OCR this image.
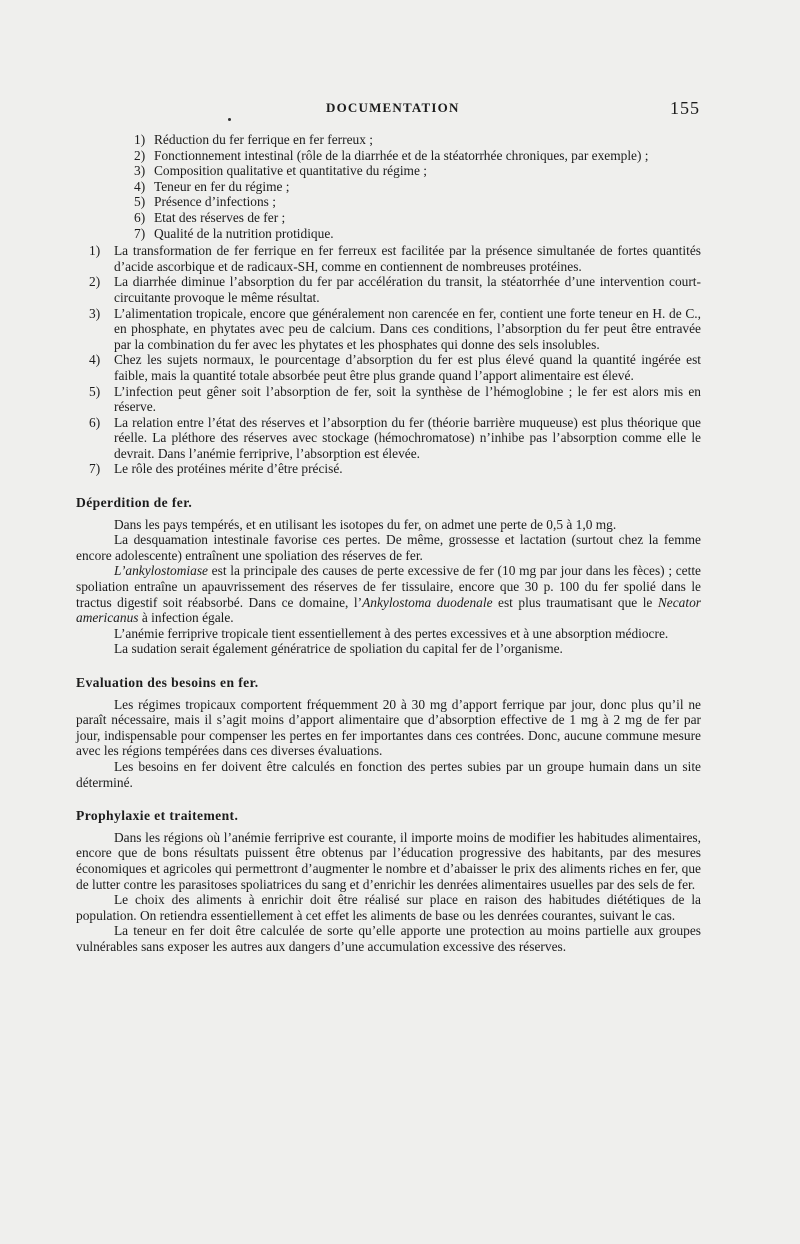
DOCUMENTATION	155
1) Réduction du fer ferrique en fer ferreux ;
2) Fonctionnement intestinal (rôle de la diarrhée et de la stéatorrhée chroniques, par exemple) ;
3) Composition qualitative et quantitative du régime ;
4) Teneur en fer du régime ;
5) Présence d’infections ;
6) Etat des réserves de fer ;
7) Qualité de la nutrition protidique.
1) La transformation de fer ferrique en fer ferreux est facilitée par la présence simultanée de fortes quantités d’acide ascorbique et de radicaux-SH, comme en contiennent de nombreuses protéines.
2) La diarrhée diminue l’absorption du fer par accélération du transit, la stéatorrhée d’une intervention court-circuitante provoque le même résultat.
3) L’alimentation tropicale, encore que généralement non carencée en fer, contient une forte teneur en H. de C., en phosphate, en phytates avec peu de calcium. Dans ces conditions, l’absorption du fer peut être entravée par la combination du fer avec les phytates et les phosphates qui donne des sels insolubles.
4) Chez les sujets normaux, le pourcentage d’absorption du fer est plus élevé quand la quantité ingérée est faible, mais la quantité totale absorbée peut être plus grande quand l’apport alimentaire est élevé.
5) L’infection peut gêner soit l’absorption de fer, soit la synthèse de l’hémoglobine ; le fer est alors mis en réserve.
6) La relation entre l’état des réserves et l’absorption du fer (théorie barrière muqueuse) est plus théorique que réelle. La pléthore des réserves avec stockage (hémochromatose) n’inhibe pas l’absorption comme elle le devrait. Dans l’anémie ferriprive, l’absorption est élevée.
7) Le rôle des protéines mérite d’être précisé.
Déperdition de fer.

Dans les pays tempérés, et en utilisant les isotopes du fer, on admet une perte de 0,5 à 1,0 mg.

La desquamation intestinale favorise ces pertes. De même, grossesse et lactation (surtout chez la femme encore adolescente) entraînent une spoliation des réserves de fer.

L’ankylostomiase est la principale des causes de perte excessive de fer (10 mg par jour dans les fèces) ; cette spoliation entraîne un apauvrissement des réserves de fer tissulaire, encore que 30 p. 100 du fer spolié dans le tractus digestif soit réabsorbé. Dans ce domaine, l’Ankylostoma duodenale est plus traumatisant que le Necator americanus à infection égale.

L’anémie ferriprive tropicale tient essentiellement à des pertes excessives et à une absorption médiocre.

La sudation serait également génératrice de spoliation du capital fer de l’organisme.

Evaluation des besoins en fer.

Les régimes tropicaux comportent fréquemment 20 à 30 mg d’apport ferrique par jour, donc plus qu’il ne paraît nécessaire, mais il s’agit moins d’apport alimentaire que d’absorption effective de 1 mg à 2 mg de fer par jour, indispensable pour compenser les pertes en fer importantes dans ces contrées. Donc, aucune commune mesure avec les régions tempérées dans ces diverses évaluations.

Les besoins en fer doivent être calculés en fonction des pertes subies par un groupe humain dans un site déterminé.

Prophylaxie et traitement.

Dans les régions où l’anémie ferriprive est courante, il importe moins de modifier les habitudes alimentaires, encore que de bons résultats puissent être obtenus par l’éducation progressive des habitants, par des mesures économiques et agricoles qui permettront d’augmenter le nombre et d’abaisser le prix des aliments riches en fer, que de lutter contre les parasitoses spoliatrices du sang et d’enrichir les denrées alimentaires usuelles par des sels de fer.

Le choix des aliments à enrichir doit être réalisé sur place en raison des habitudes diététiques de la population. On retiendra essentiellement à cet effet les aliments de base ou les denrées courantes, suivant le cas.

La teneur en fer doit être calculée de sorte qu’elle apporte une protection au moins partielle aux groupes vulnérables sans exposer les autres aux dangers d’une accumulation excessive des réserves.
